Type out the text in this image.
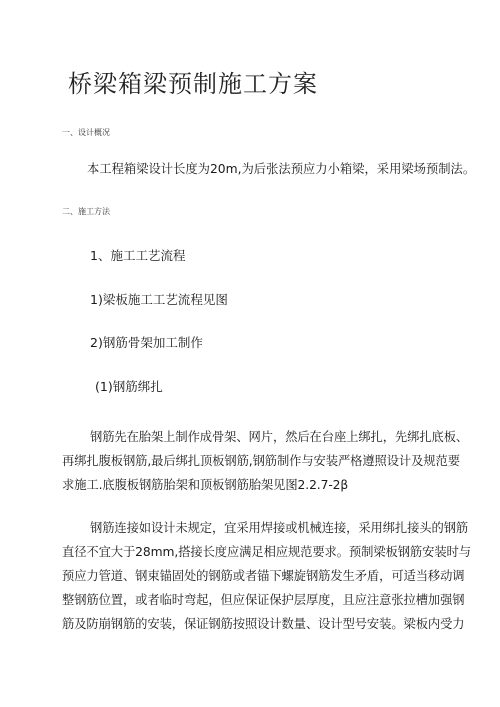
桥梁箱梁预制施工方案
一、设计概况
本工程箱梁设计长度为20m,为后张法预应力小箱梁，采用梁场预制法。
二、施工方法
1、施工工艺流程
1)梁板施工工艺流程见图
2)钢筋骨架加工制作
(1)钢筋绑扎
钢筋先在胎架上制作成骨架、网片，然后在台座上绑扎，先绑扎底板、
再绑扎腹板钢筋,最后绑扎顶板钢筋,钢筋制作与安装严格遵照设计及规范要
求施工.底腹板钢筋胎架和顶板钢筋胎架见图2.2.7-2β
钢筋连接如设计未规定，宜采用焊接或机械连接，采用绑扎接头的钢筋
直径不宜大于28mm,搭接长度应满足相应规范要求。预制梁板钢筋安装时与
预应力管道、钢束锚固处的钢筋或者锚下螺旋钢筋发生矛盾，可适当移动调
整钢筋位置，或者临时弯起，但应保证保护层厚度，且应注意张拉槽加强钢
筋及防崩钢筋的安装，保证钢筋按照设计数量、设计型号安装。梁板内受力
